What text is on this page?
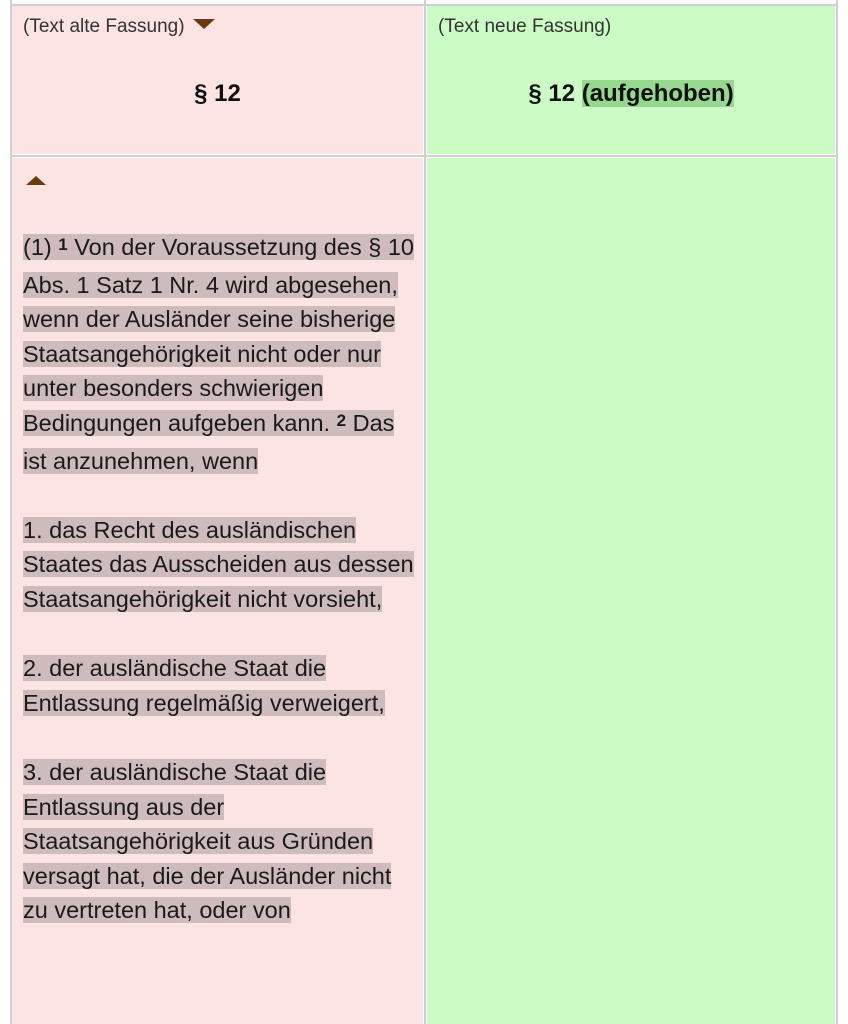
(Text alte Fassung)
§ 12
(Text neue Fassung)
§ 12 (aufgehoben)

(1) $^1$ Von der Voraussetzung des § 10 Abs. 1 Satz 1 Nr. 4 wird abgesehen, wenn der Ausländer seine bisherige Staatsangehörigkeit nicht oder nur unter besonders schwierigen Bedingungen aufgeben kann. $^2$ Das ist anzunehmen, wenn

1. das Recht des ausländischen Staates das Ausscheiden aus dessen Staatsangehörigkeit nicht vorsieht,

2. der ausländische Staat die Entlassung regelmäßig verweigert,

3. der ausländische Staat die Entlassung aus der Staatsangehörigkeit aus Gründen versagt hat, die der Ausländer nicht zu vertreten hat, oder von
